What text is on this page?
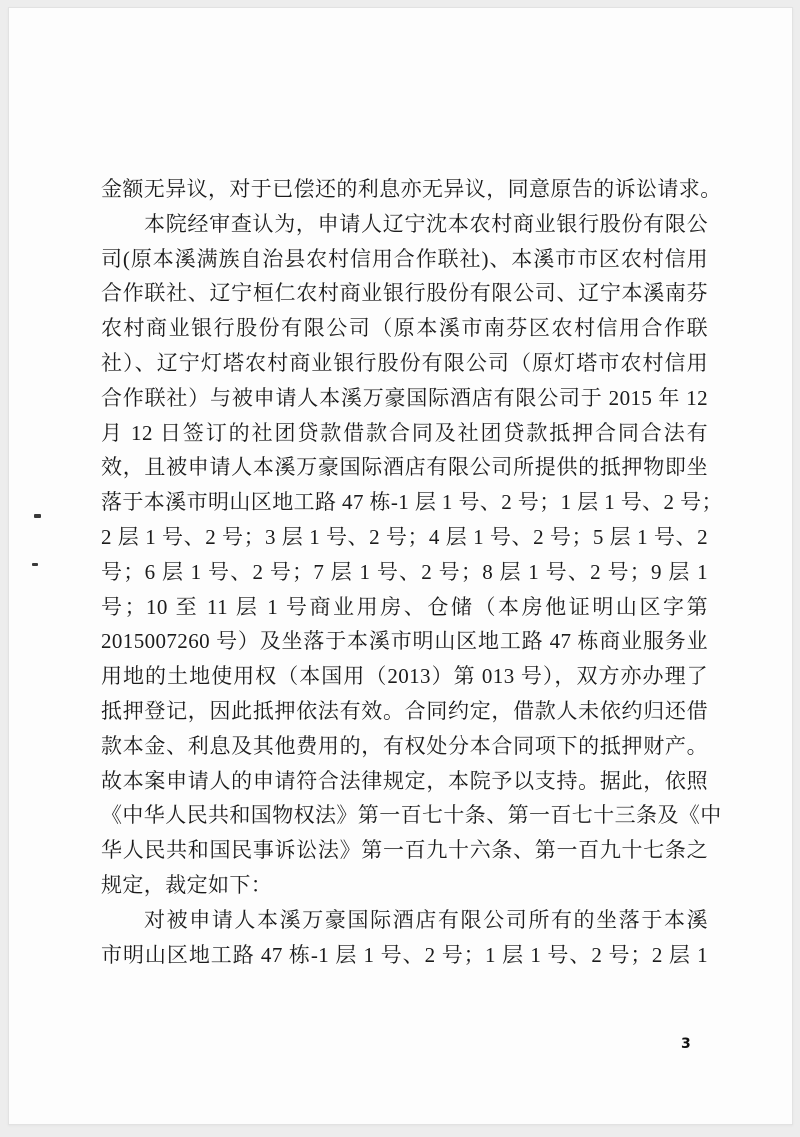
金额无异议，对于已偿还的利息亦无异议，同意原告的诉讼请求。

本院经审查认为，申请人辽宁沈本农村商业银行股份有限公

司(原本溪满族自治县农村信用合作联社)、本溪市市区农村信用

合作联社、辽宁桓仁农村商业银行股份有限公司、辽宁本溪南芬

农村商业银行股份有限公司（原本溪市南芬区农村信用合作联

社）、辽宁灯塔农村商业银行股份有限公司（原灯塔市农村信用

合作联社）与被申请人本溪万豪国际酒店有限公司于 2015 年 12

月 12 日签订的社团贷款借款合同及社团贷款抵押合同合法有

效，且被申请人本溪万豪国际酒店有限公司所提供的抵押物即坐

落于本溪市明山区地工路 47 栋-1 层 1 号、2 号；1 层 1 号、2 号；

2 层 1 号、2 号；3 层 1 号、2 号；4 层 1 号、2 号；5 层 1 号、2

号；6 层 1 号、2 号；7 层 1 号、2 号；8 层 1 号、2 号；9 层 1

号；10 至 11 层 1 号商业用房、仓储（本房他证明山区字第

2015007260 号）及坐落于本溪市明山区地工路 47 栋商业服务业

用地的土地使用权（本国用（2013）第 013 号），双方亦办理了

抵押登记，因此抵押依法有效。合同约定，借款人未依约归还借

款本金、利息及其他费用的，有权处分本合同项下的抵押财产。

故本案申请人的申请符合法律规定，本院予以支持。据此，依照

《中华人民共和国物权法》第一百七十条、第一百七十三条及《中

华人民共和国民事诉讼法》第一百九十六条、第一百九十七条之

规定，裁定如下：

对被申请人本溪万豪国际酒店有限公司所有的坐落于本溪

市明山区地工路 47 栋-1 层 1 号、2 号；1 层 1 号、2 号；2 层 1

3
